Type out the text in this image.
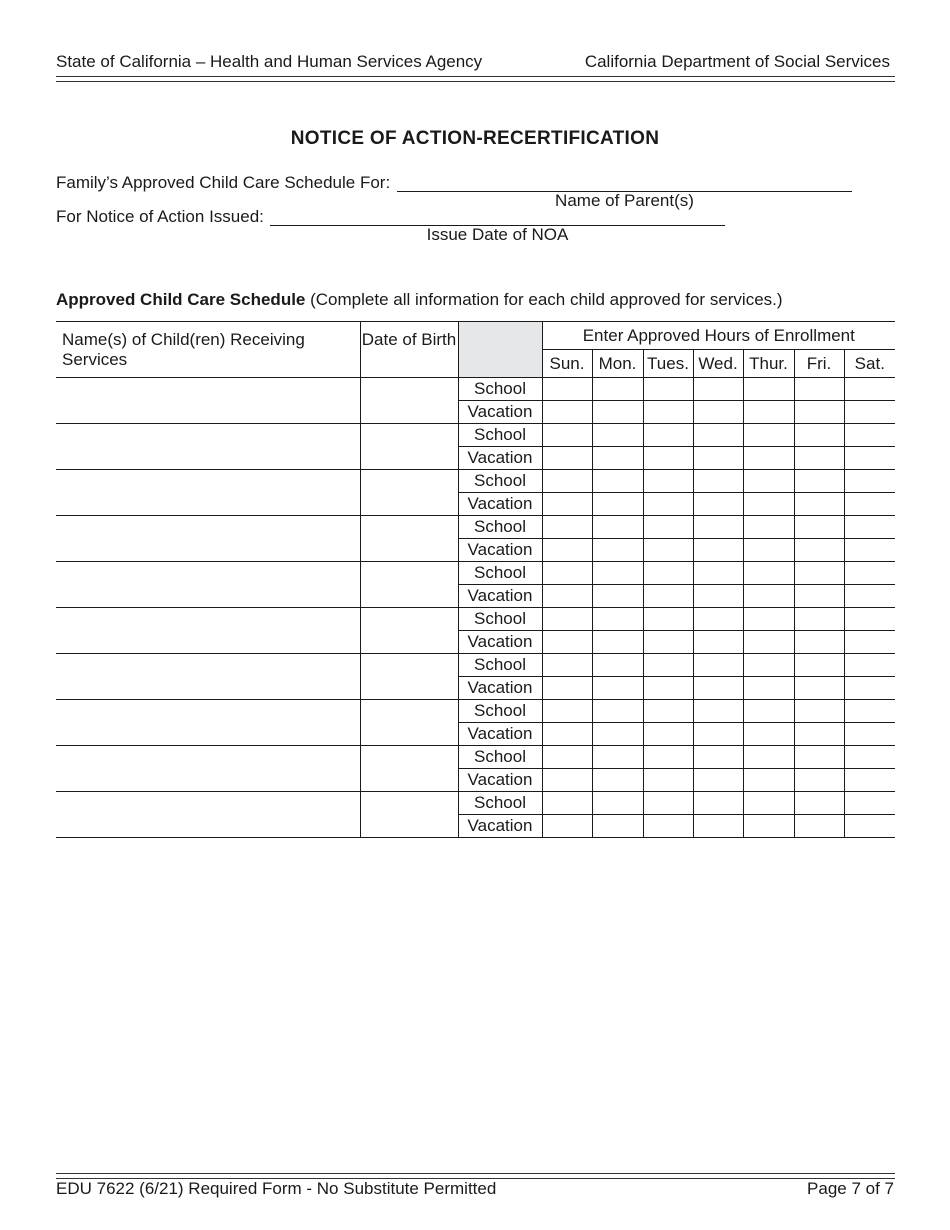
State of California – Health and Human Services Agency	California Department of Social Services
NOTICE OF ACTION-RECERTIFICATION
Family’s Approved Child Care Schedule For:
Name of Parent(s)
For Notice of Action Issued:
Issue Date of NOA
Approved Child Care Schedule (Complete all information for each child approved for services.)
Name(s) of Child(ren) Receiving Services	Date of Birth		Enter Approved Hours of Enrollment						
			Sun.	Mon.	Tues.	Wed.	Thur.	Fri.	Sat.
		School							
		Vacation							
		School							
		Vacation							
		School							
		Vacation							
		School							
		Vacation							
		School							
		Vacation							
		School							
		Vacation							
		School							
		Vacation							
		School							
		Vacation							
		School							
		Vacation							
		School							
		Vacation							
EDU 7622 (6/21) Required Form - No Substitute Permitted	Page 7 of 7
